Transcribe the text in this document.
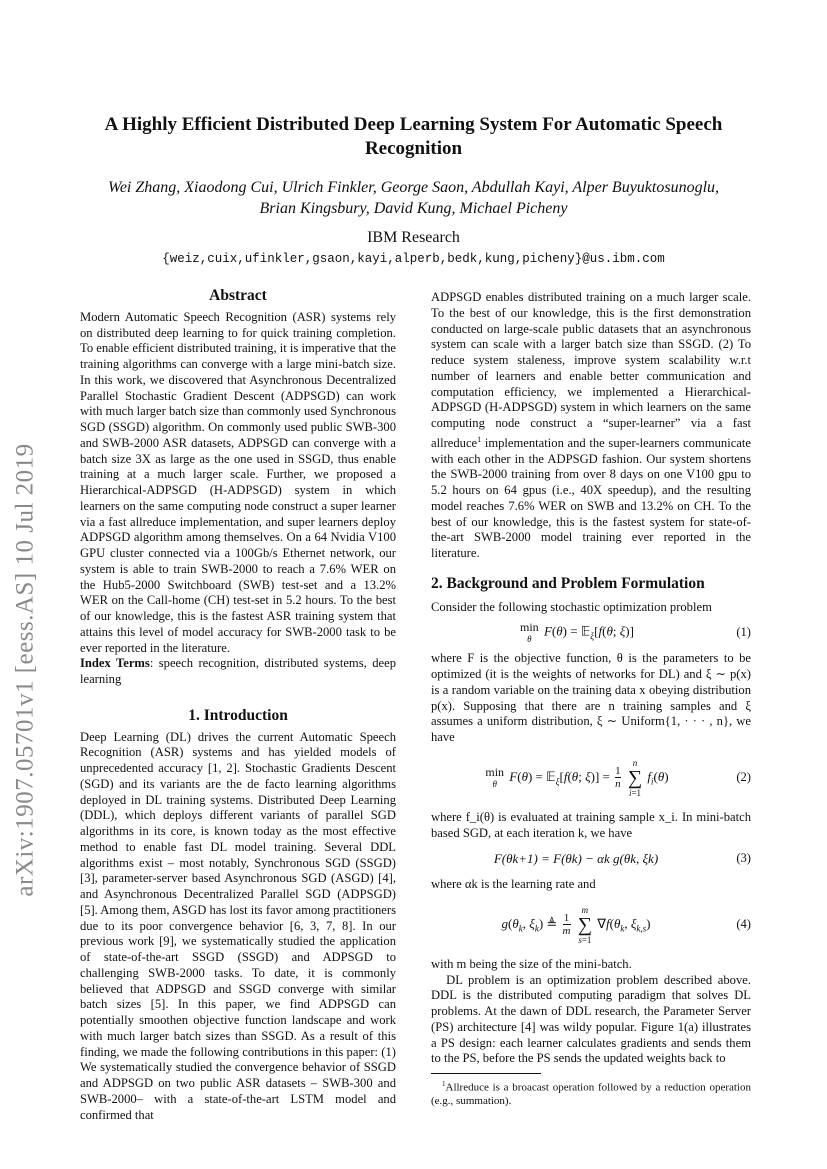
arXiv:1907.05701v1 [eess.AS] 10 Jul 2019
A Highly Efficient Distributed Deep Learning System For Automatic Speech Recognition
Wei Zhang, Xiaodong Cui, Ulrich Finkler, George Saon, Abdullah Kayi, Alper Buyuktosunoglu,
Brian Kingsbury, David Kung, Michael Picheny
IBM Research
{weiz,cuix,ufinkler,gsaon,kayi,alperb,bedk,kung,picheny}@us.ibm.com
Abstract

Modern Automatic Speech Recognition (ASR) systems rely on distributed deep learning to for quick training completion. To enable efficient distributed training, it is imperative that the training algorithms can converge with a large mini-batch size. In this work, we discovered that Asynchronous Decentralized Parallel Stochastic Gradient Descent (ADPSGD) can work with much larger batch size than commonly used Synchronous SGD (SSGD) algorithm. On commonly used public SWB-300 and SWB-2000 ASR datasets, ADPSGD can converge with a batch size 3X as large as the one used in SSGD, thus enable training at a much larger scale. Further, we proposed a Hierarchical-ADPSGD (H-ADPSGD) system in which learners on the same computing node construct a super learner via a fast allreduce implementation, and super learners deploy ADPSGD algorithm among themselves. On a 64 Nvidia V100 GPU cluster connected via a 100Gb/s Ethernet network, our system is able to train SWB-2000 to reach a 7.6% WER on the Hub5-2000 Switchboard (SWB) test-set and a 13.2% WER on the Call-home (CH) test-set in 5.2 hours. To the best of our knowledge, this is the fastest ASR training system that attains this level of model accuracy for SWB-2000 task to be ever reported in the literature.

Index Terms: speech recognition, distributed systems, deep learning

1. Introduction

Deep Learning (DL) drives the current Automatic Speech Recognition (ASR) systems and has yielded models of unprecedented accuracy [1, 2]. Stochastic Gradients Descent (SGD) and its variants are the de facto learning algorithms deployed in DL training systems. Distributed Deep Learning (DDL), which deploys different variants of parallel SGD algorithms in its core, is known today as the most effective method to enable fast DL model training. Several DDL algorithms exist – most notably, Synchronous SGD (SSGD) [3], parameter-server based Asynchronous SGD (ASGD) [4], and Asynchronous Decentralized Parallel SGD (ADPSGD) [5]. Among them, ASGD has lost its favor among practitioners due to its poor convergence behavior [6, 3, 7, 8]. In our previous work [9], we systematically studied the application of state-of-the-art SSGD (SSGD) and ADPSGD to challenging SWB-2000 tasks. To date, it is commonly believed that ADPSGD and SSGD converge with similar batch sizes [5]. In this paper, we find ADPSGD can potentially smoothen objective function landscape and work with much larger batch sizes than SSGD. As a result of this finding, we made the following contributions in this paper: (1) We systematically studied the convergence behavior of SSGD and ADPSGD on two public ASR datasets – SWB-300 and SWB-2000– with a state-of-the-art LSTM model and confirmed that

ADPSGD enables distributed training on a much larger scale. To the best of our knowledge, this is the first demonstration conducted on large-scale public datasets that an asynchronous system can scale with a larger batch size than SSGD. (2) To reduce system staleness, improve system scalability w.r.t number of learners and enable better communication and computation efficiency, we implemented a Hierarchical-ADPSGD (H-ADPSGD) system in which learners on the same computing node construct a “super-learner” via a fast allreduce$^1$ implementation and the super-learners communicate with each other in the ADPSGD fashion. Our system shortens the SWB-2000 training from over 8 days on one V100 gpu to 5.2 hours on 64 gpus (i.e., 40X speedup), and the resulting model reaches 7.6% WER on SWB and 13.2% on CH. To the best of our knowledge, this is the fastest system for state-of-the-art SWB-2000 model training ever reported in the literature.

2. Background and Problem Formulation

Consider the following stochastic optimization problem

min
θ
F(θ) = 𝔼$_\xi$[f(θ; ξ)]	(1)

where F is the objective function, θ is the parameters to be optimized (it is the weights of networks for DL) and ξ ∼ p(x) is a random variable on the training data x obeying distribution p(x). Supposing that there are n training samples and ξ assumes a uniform distribution, ξ ∼ Uniform{1, · · · , n}, we have

min
θ
F(θ) = 𝔼$_\xi$[f(θ; $\xi)] = \frac{1}{n}$

n
∑
i=1
$f_i(\theta)$	(2)

where f_i(θ) is evaluated at training sample x_i. In mini-batch based SGD, at each iteration k, we have

F(θk+1) = F(θk) − αk g(θk, ξk)	(3)

where αk is the learning rate and

$g(\theta_k$, $\xi_k$) ≜ $\frac{1}{m}$

m
∑
s=1
$\nabla f(\theta_k$, $\xi_{k,s}$)	(4)

with m being the size of the mini-batch.

DL problem is an optimization problem described above. DDL is the distributed computing paradigm that solves DL problems. At the dawn of DDL research, the Parameter Server (PS) architecture [4] was wildy popular. Figure 1(a) illustrates a PS design: each learner calculates gradients and sends them to the PS, before the PS sends the updated weights back to

$^1$Allreduce is a broacast operation followed by a reduction operation (e.g., summation).
